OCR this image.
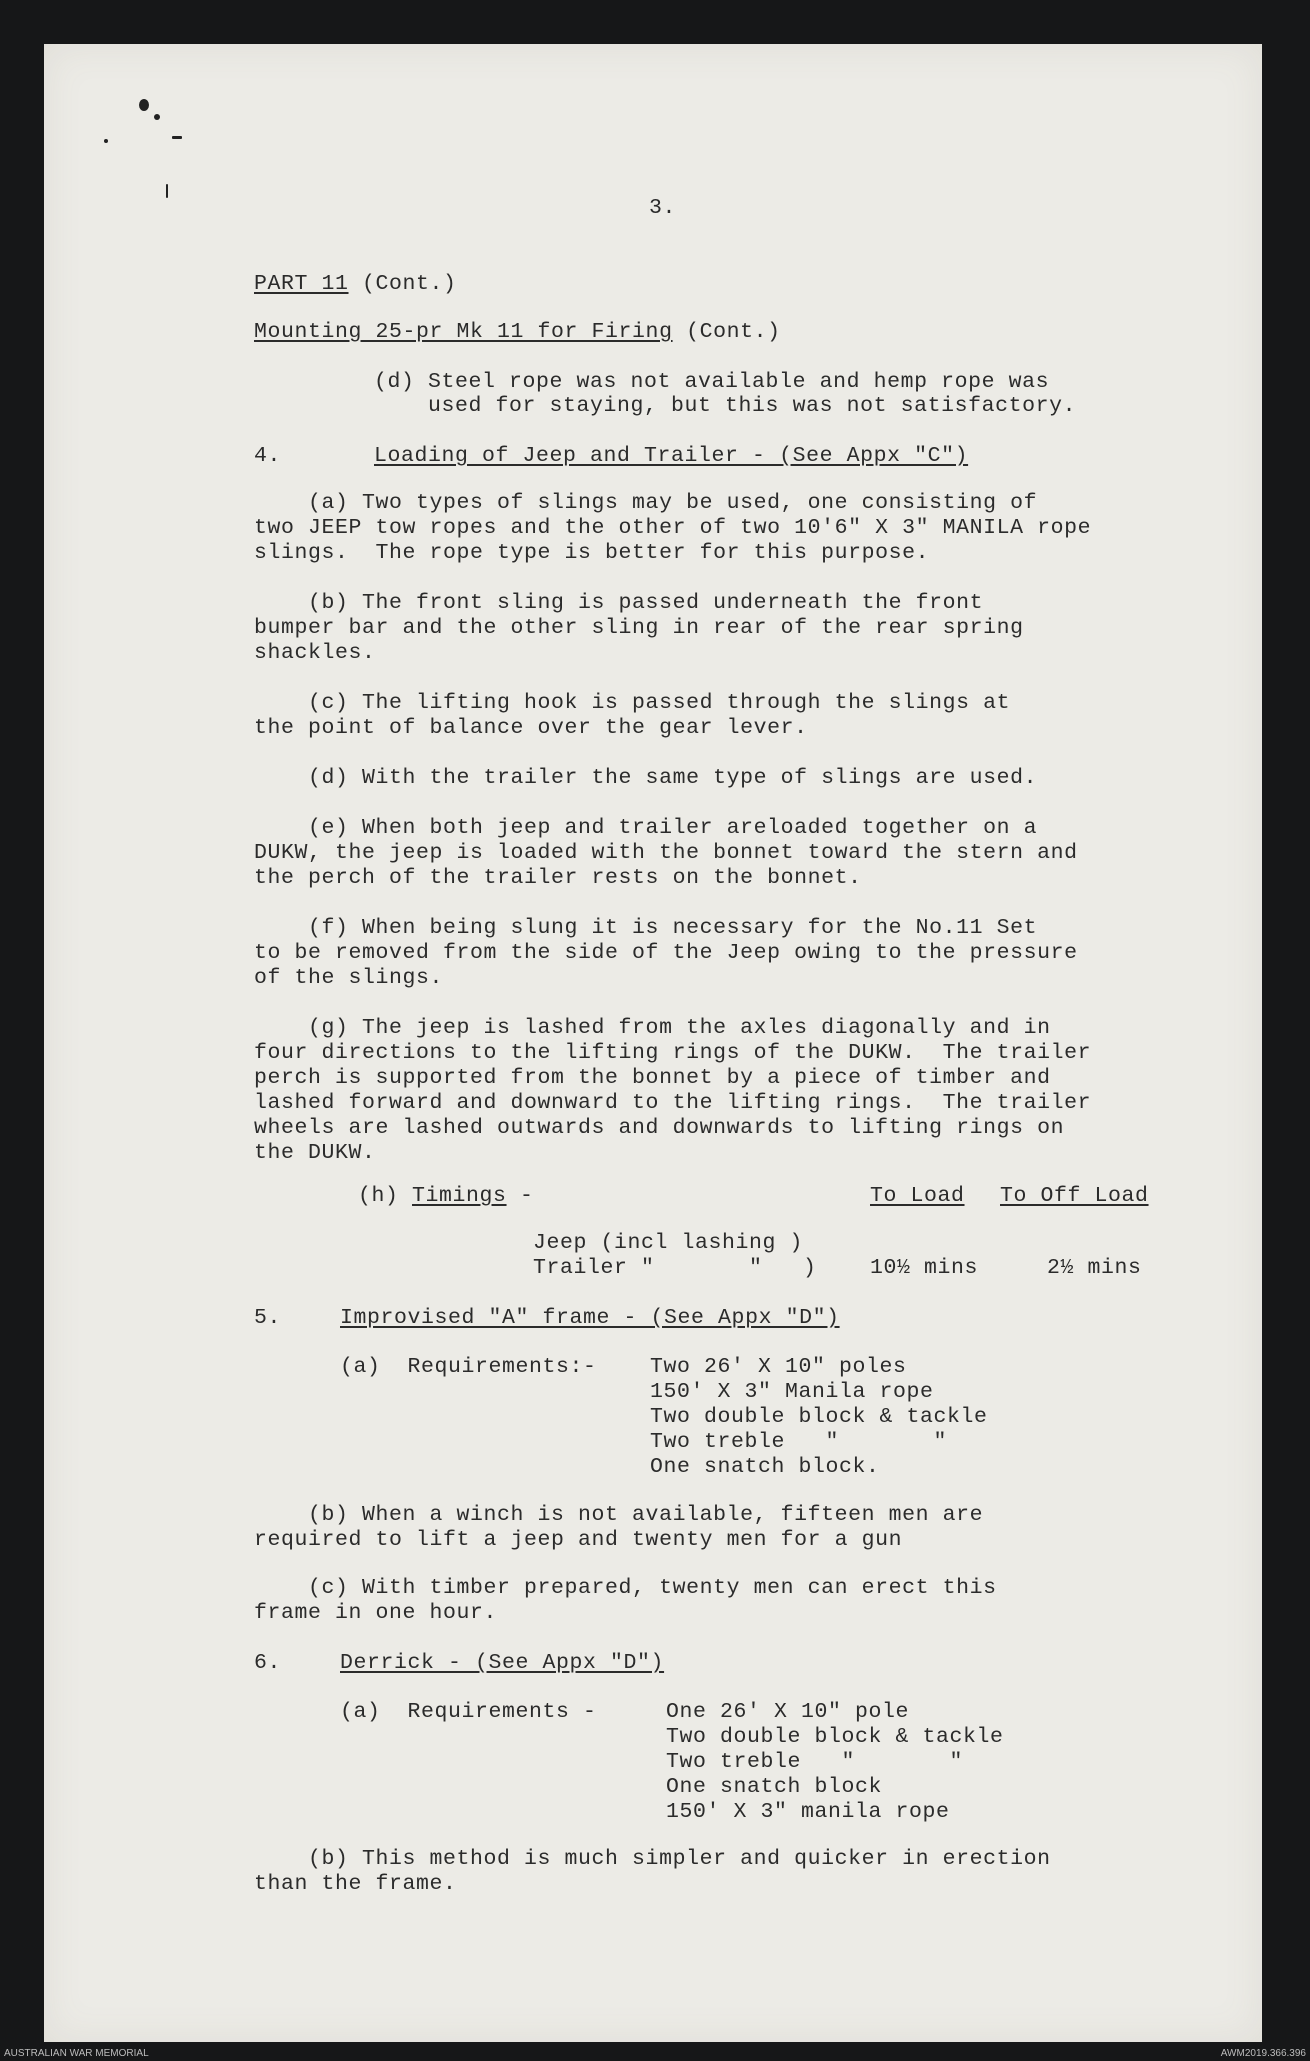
3.
PART 11 (Cont.)
Mounting 25-pr Mk 11 for Firing (Cont.)
(d) Steel rope was not available and hemp rope was
used for staying, but this was not satisfactory.
4.	Loading of Jeep and Trailer - (See Appx "C")
(a) Two types of slings may be used, one consisting of
two JEEP tow ropes and the other of two 10'6" X 3" MANILA rope
slings.  The rope type is better for this purpose.
(b) The front sling is passed underneath the front
bumper bar and the other sling in rear of the rear spring
shackles.
(c) The lifting hook is passed through the slings at
the point of balance over the gear lever.
(d) With the trailer the same type of slings are used.
(e) When both jeep and trailer areloaded together on a
DUKW, the jeep is loaded with the bonnet toward the stern and
the perch of the trailer rests on the bonnet.
(f) When being slung it is necessary for the No.11 Set
to be removed from the side of the Jeep owing to the pressure
of the slings.
(g) The jeep is lashed from the axles diagonally and in
four directions to the lifting rings of the DUKW.  The trailer
perch is supported from the bonnet by a piece of timber and
lashed forward and downward to the lifting rings.  The trailer
wheels are lashed outwards and downwards to lifting rings on
the DUKW.
(h) Timings -	To Load To Off Load
Jeep (incl lashing )
Trailer "       "   ) 10½ mins	2½ mins
5.	Improvised "A" frame - (See Appx "D")
(a)  Requirements:- Two 26' X 10" poles
150' X 3" Manila rope
Two double block & tackle
Two treble   "       "
One snatch block.
(b) When a winch is not available, fifteen men are
required to lift a jeep and twenty men for a gun
(c) With timber prepared, twenty men can erect this
frame in one hour.
6.	Derrick - (See Appx "D")
(a)  Requirements -	One 26' X 10" pole
Two double block & tackle
Two treble   "       "
One snatch block
150' X 3" manila rope
(b) This method is much simpler and quicker in erection
than the frame.
AUSTRALIAN WAR MEMORIAL	AWM2019.366.396
